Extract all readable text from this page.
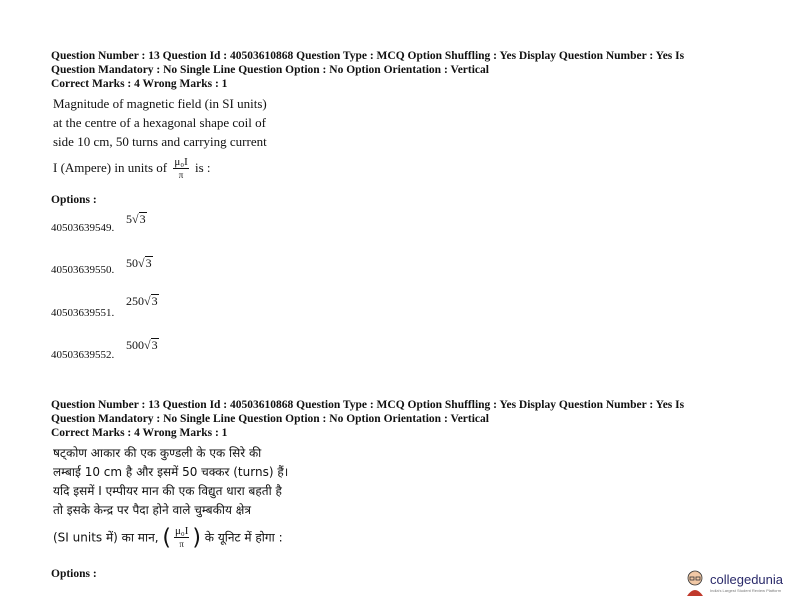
Question Number : 13 Question Id : 40503610868 Question Type : MCQ Option Shuffling : Yes Display Question Number : Yes Is
Question Mandatory : No Single Line Question Option : No Option Orientation : Vertical
Correct Marks : 4 Wrong Marks : 1
Magnitude of magnetic field (in SI units)
at the centre of a hexagonal shape coil of
side 10 cm, 50 turns and carrying current
I (Ampere) in units of $\frac{\text{μ₀I}}{\pi}$ is :
Options :
40503639549.
5√3
40503639550. 50√3
40503639551.
250√3
40503639552.
500√3
Question Number : 13 Question Id : 40503610868 Question Type : MCQ Option Shuffling : Yes Display Question Number : Yes Is
Question Mandatory : No Single Line Question Option : No Option Orientation : Vertical
Correct Marks : 4 Wrong Marks : 1
षट्कोण आकार की एक कुण्डली के एक सिरे की
लम्बाई 10 cm है और इसमें 50 चक्कर (turns) हैं।
यदि इसमें I एम्पीयर मान की एक विद्युत धारा बहती है
तो इसके केन्द्र पर पैदा होने वाले चुम्बकीय क्षेत्र
(SI units में) का मान, ( $\frac{\text{μ₀I}}{\pi}$ ) के यूनिट में होगा :
Options :	collegedunia
India's Largest Student Review Platform
